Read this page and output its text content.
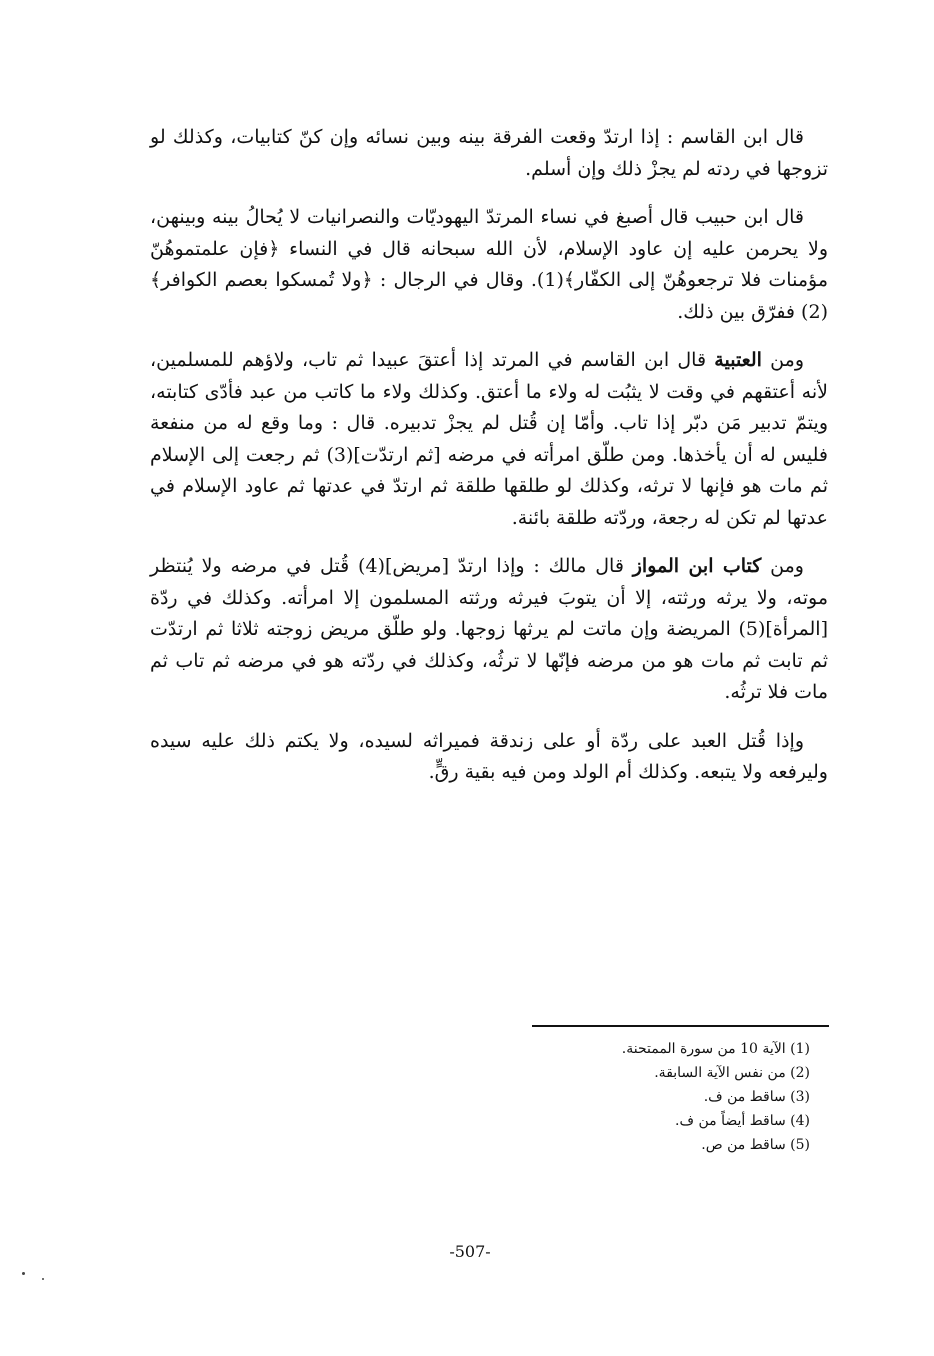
قال ابن القاسم : إذا ارتدّ وقعت الفرقة بينه وبين نسائه وإن كنّ كتابيات، وكذلك لو تزوجها في ردته لم يجزْ ذلك وإن أسلم.

قال ابن حبيب قال أصبغ في نساء المرتدّ اليهوديّات والنصرانيات لا يُحالُ بينه وبينهن، ولا يحرمن عليه إن عاود الإسلام، لأن الله سبحانه قال في النساء ﴿فإن علمتموهُنّ مؤمنات فلا ترجعوهُنّ إلى الكفّار﴾(1). وقال في الرجال : ﴿ولا تُمسكوا بعصم الكوافر﴾(2) ففرّق بين ذلك.

ومن العتبية قال ابن القاسم في المرتد إذا أعتقَ عبيدا ثم تاب، ولاؤهم للمسلمين، لأنه أعتقهم في وقت لا يثبُت له ولاء ما أعتق. وكذلك ولاء ما كاتب من عبد فأدّى كتابته، ويتمّ تدبير مَن دبّر إذا تاب. وأمّا إن قُتل لم يجزْ تدبيره. قال : وما وقع له من منفعة فليس له أن يأخذها. ومن طلّق امرأته في مرضه [ثم ارتدّت](3) ثم رجعت إلى الإسلام ثم مات هو فإنها لا ترثه، وكذلك لو طلقها طلقة ثم ارتدّ في عدتها ثم عاود الإسلام في عدتها لم تكن له رجعة، وردّته طلقة بائنة.

ومن كتاب ابن المواز قال مالك : وإذا ارتدّ [مريض](4) قُتل في مرضه ولا يُنتظر موته، ولا يرثه ورثته، إلا أن يتوبَ فيرثه ورثته المسلمون إلا امرأته. وكذلك في ردّة [المرأة](5) المريضة وإن ماتت لم يرثها زوجها. ولو طلّق مريض زوجته ثلاثا ثم ارتدّت ثم تابت ثم مات هو من مرضه فإنّها لا ترثُه، وكذلك في ردّته هو في مرضه ثم تاب ثم مات فلا ترثُه.

وإذا قُتل العبد على ردّة أو على زندقة فميراثه لسيده، ولا يكتم ذلك عليه سيده وليرفعه ولا يتبعه. وكذلك أم الولد ومن فيه بقية رقٍّ.

(1) الآية 10 من سورة الممتحنة.
(2) من نفس الآية السابقة.
(3) ساقط من ف.
(4) ساقط أيضاً من ف.
(5) ساقط من ص.
-507-
